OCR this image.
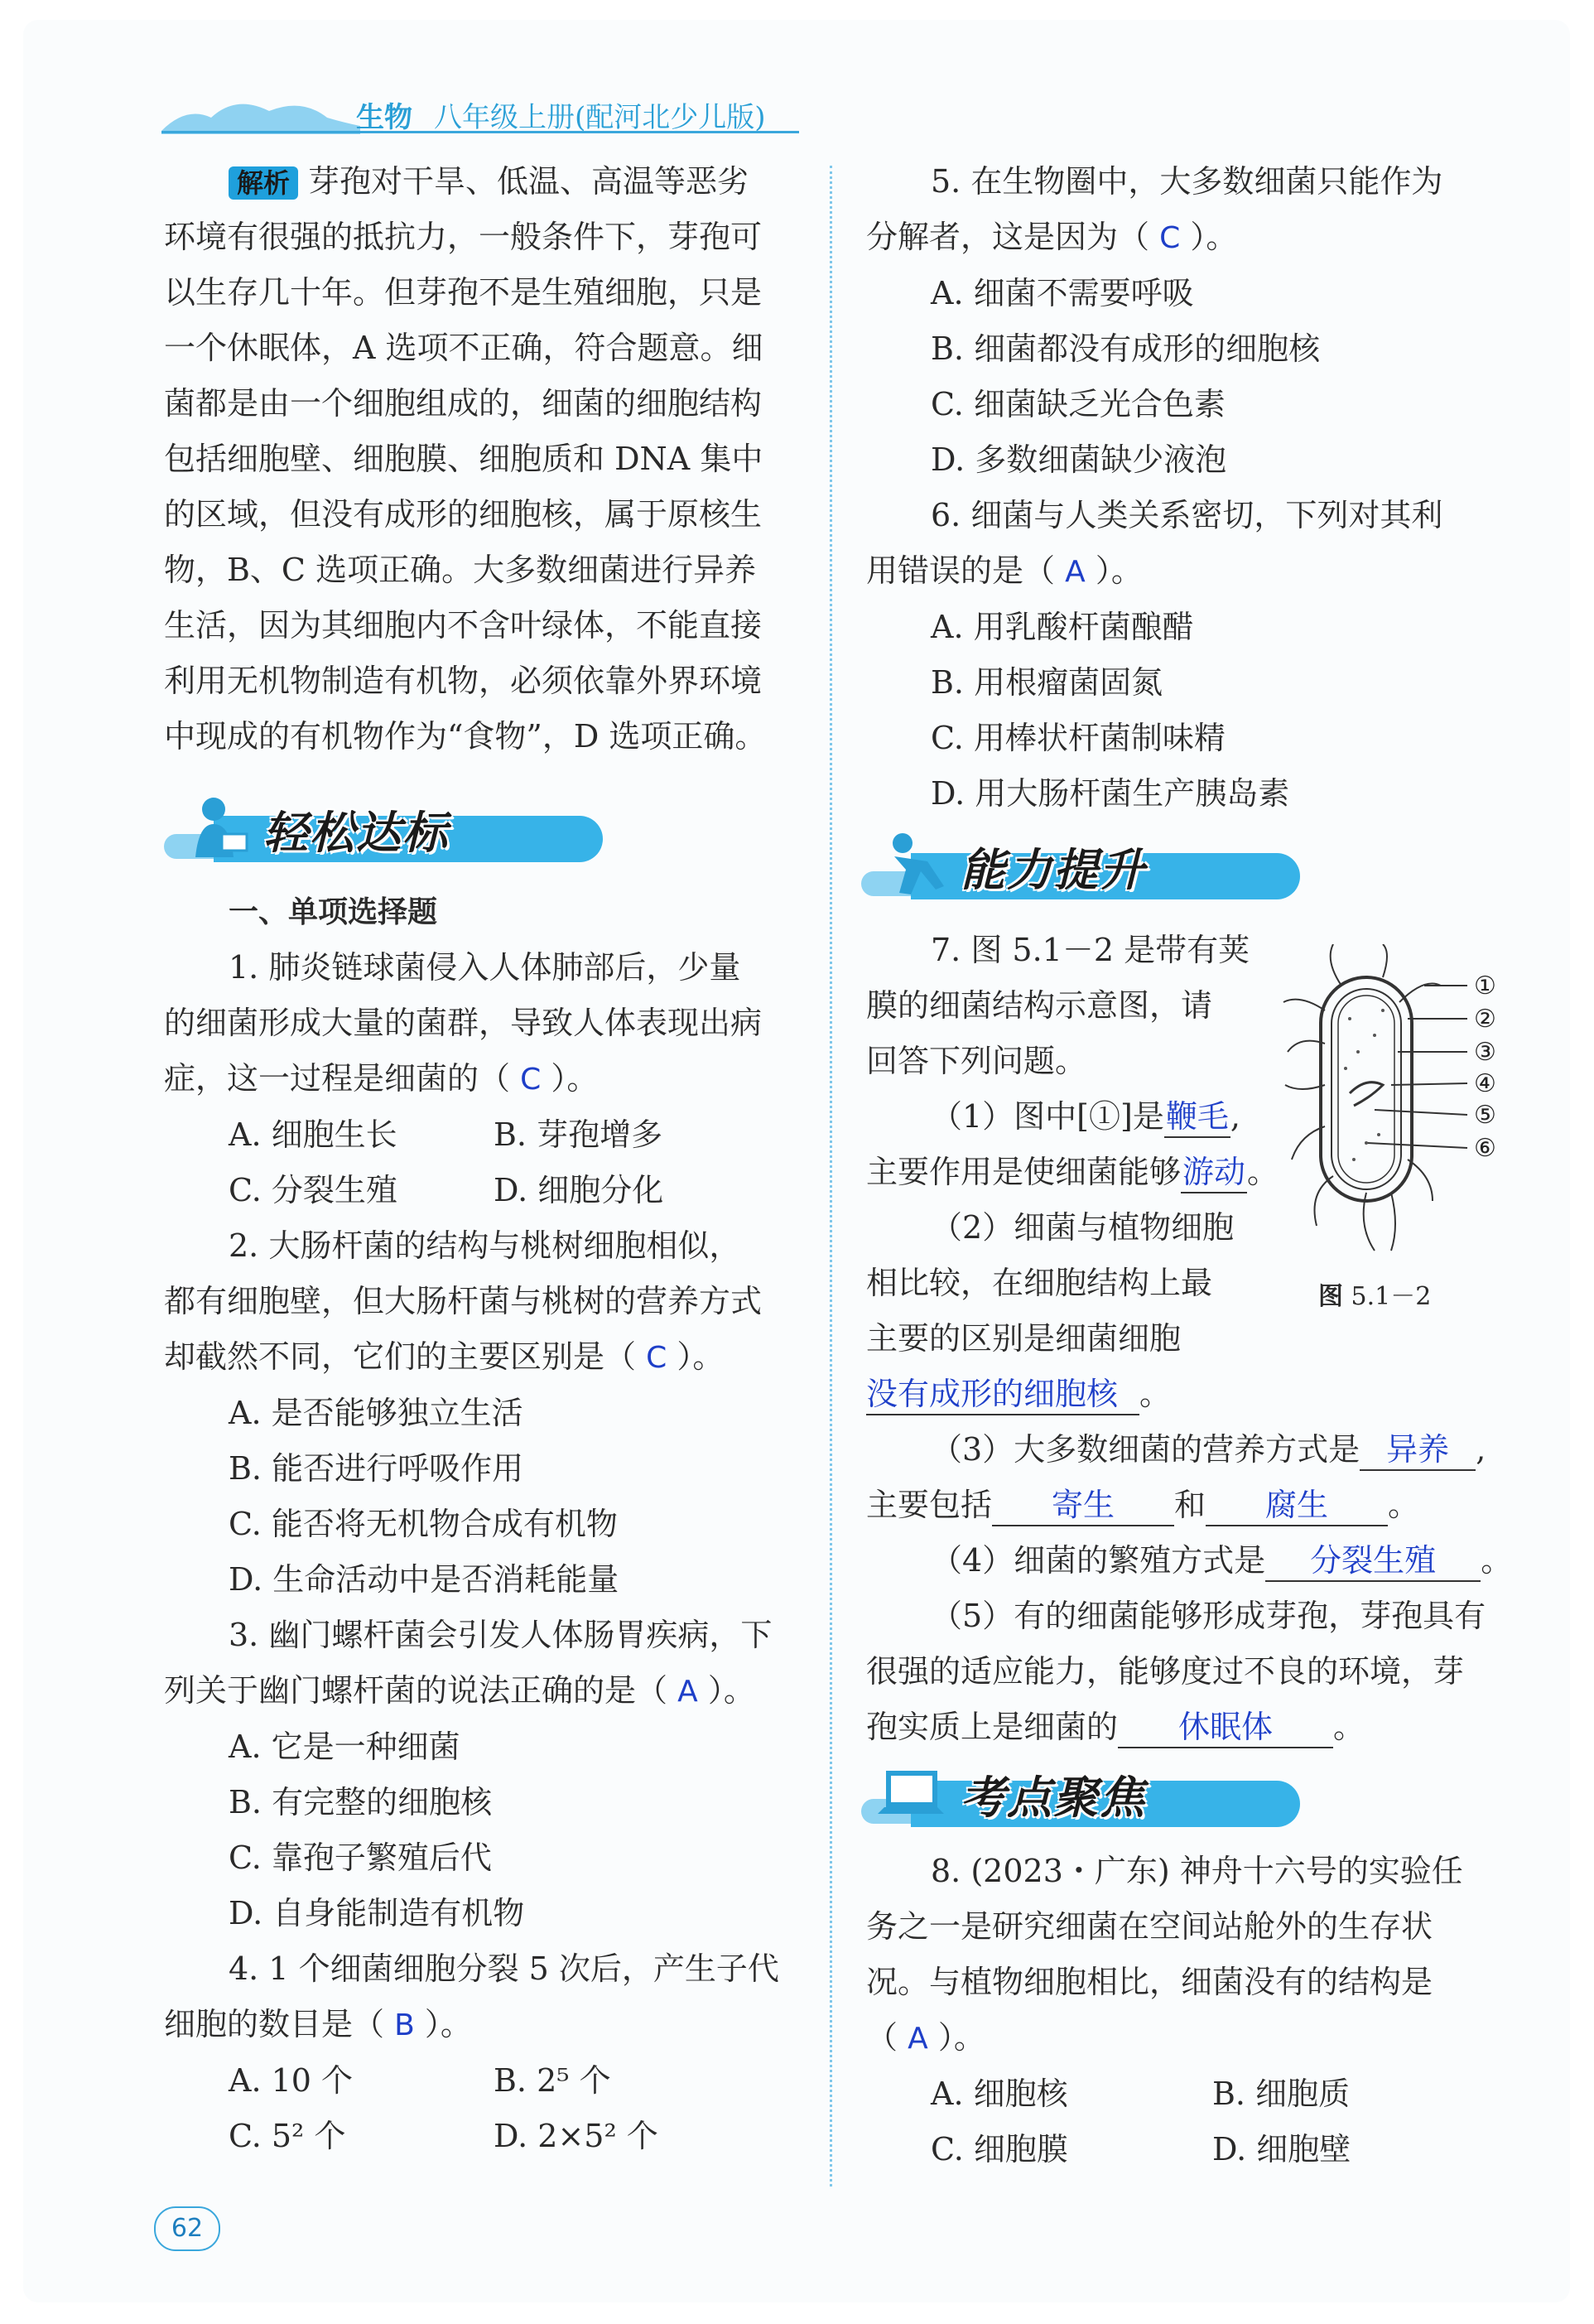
生物 八年级上册(配河北少儿版)

解析 芽孢对干旱、低温、高温等恶劣

环境有很强的抵抗力，一般条件下，芽孢可

以生存几十年。但芽孢不是生殖细胞，只是

一个休眠体，A 选项不正确，符合题意。细

菌都是由一个细胞组成的，细菌的细胞结构

包括细胞壁、细胞膜、细胞质和 DNA 集中

的区域，但没有成形的细胞核，属于原核生

物，B、C 选项正确。大多数细菌进行异养

生活，因为其细胞内不含叶绿体，不能直接

利用无机物制造有机物，必须依靠外界环境

中现成的有机物作为“食物”，D 选项正确。

轻松达标

一、单项选择题

1. 肺炎链球菌侵入人体肺部后，少量

的细菌形成大量的菌群，导致人体表现出病

症，这一过程是细菌的（ C ）。

A. 细胞生长	B. 芽孢增多

C. 分裂生殖	D. 细胞分化

2. 大肠杆菌的结构与桃树细胞相似，

都有细胞壁，但大肠杆菌与桃树的营养方式

却截然不同，它们的主要区别是（ C ）。

A. 是否能够独立生活

B. 能否进行呼吸作用

C. 能否将无机物合成有机物

D. 生命活动中是否消耗能量

3. 幽门螺杆菌会引发人体肠胃疾病，下

列关于幽门螺杆菌的说法正确的是（ A ）。

A. 它是一种细菌

B. 有完整的细胞核

C. 靠孢子繁殖后代

D. 自身能制造有机物

4. 1 个细菌细胞分裂 5 次后，产生子代

细胞的数目是（ B ）。

A. 10 个	B. 2⁵ 个

C. 5² 个	D. 2×5² 个

5. 在生物圈中，大多数细菌只能作为

分解者，这是因为（ C ）。

A. 细菌不需要呼吸

B. 细菌都没有成形的细胞核

C. 细菌缺乏光合色素

D. 多数细菌缺少液泡

6. 细菌与人类关系密切，下列对其利

用错误的是（ A ）。

A. 用乳酸杆菌酿醋

B. 用根瘤菌固氮

C. 用棒状杆菌制味精

D. 用大肠杆菌生产胰岛素

能力提升

7. 图 5.1－2 是带有荚

膜的细菌结构示意图，请

回答下列问题。

（1）图中[①]是鞭毛,

主要作用是使细菌能够游动。

（2）细菌与植物细胞

相比较，在细胞结构上最

主要的区别是细菌细胞

没有成形的细胞核 。

（3）大多数细菌的营养方式是 异养 ,

主要包括 寄生 和 腐生 。

（4）细菌的繁殖方式是 分裂生殖 。

（5）有的细菌能够形成芽孢，芽孢具有

很强的适应能力，能够度过不良的环境，芽

孢实质上是细菌的 休眠体 。

①
②
③
④
⑤
⑥
图 5.1－2
考点聚焦

8. (2023・广东) 神舟十六号的实验任

务之一是研究细菌在空间站舱外的生存状

况。与植物细胞相比，细菌没有的结构是

（ A ）。

A. 细胞核	B. 细胞质

C. 细胞膜	D. 细胞壁

62
